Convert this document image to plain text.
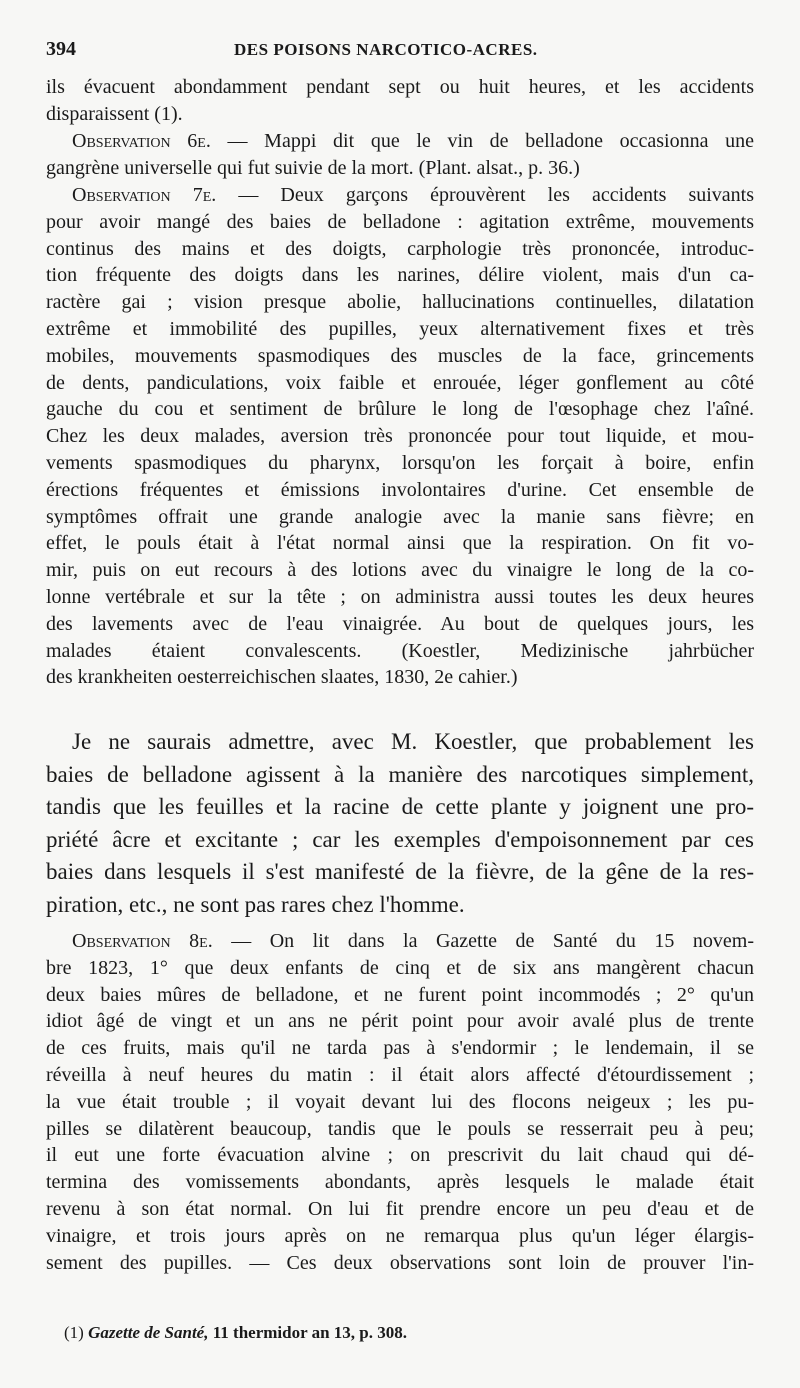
394	DES POISONS NARCOTICO-ACRES.
ils évacuent abondamment pendant sept ou huit heures, et les accidents
disparaissent (1).
Observation 6e. — Mappi dit que le vin de belladone occasionna une
gangrène universelle qui fut suivie de la mort. (Plant. alsat., p. 36.)
Observation 7e. — Deux garçons éprouvèrent les accidents suivants
pour avoir mangé des baies de belladone : agitation extrême, mouvements
continus des mains et des doigts, carphologie très prononcée, introduc-
tion fréquente des doigts dans les narines, délire violent, mais d'un ca-
ractère gai ; vision presque abolie, hallucinations continuelles, dilatation
extrême et immobilité des pupilles, yeux alternativement fixes et très
mobiles, mouvements spasmodiques des muscles de la face, grincements
de dents, pandiculations, voix faible et enrouée, léger gonflement au côté
gauche du cou et sentiment de brûlure le long de l'œsophage chez l'aîné.
Chez les deux malades, aversion très prononcée pour tout liquide, et mou-
vements spasmodiques du pharynx, lorsqu'on les forçait à boire, enfin
érections fréquentes et émissions involontaires d'urine. Cet ensemble de
symptômes offrait une grande analogie avec la manie sans fièvre; en
effet, le pouls était à l'état normal ainsi que la respiration. On fit vo-
mir, puis on eut recours à des lotions avec du vinaigre le long de la co-
lonne vertébrale et sur la tête ; on administra aussi toutes les deux heures
des lavements avec de l'eau vinaigrée. Au bout de quelques jours, les
malades étaient convalescents. (Koestler, Medizinische jahrbücher
des krankheiten oesterreichischen slaates, 1830, 2e cahier.)
Je ne saurais admettre, avec M. Koestler, que probablement les
baies de belladone agissent à la manière des narcotiques simplement,
tandis que les feuilles et la racine de cette plante y joignent une pro-
priété âcre et excitante ; car les exemples d'empoisonnement par ces
baies dans lesquels il s'est manifesté de la fièvre, de la gêne de la res-
piration, etc., ne sont pas rares chez l'homme.
Observation 8e. — On lit dans la Gazette de Santé du 15 novem-
bre 1823, 1° que deux enfants de cinq et de six ans mangèrent chacun
deux baies mûres de belladone, et ne furent point incommodés ; 2° qu'un
idiot âgé de vingt et un ans ne périt point pour avoir avalé plus de trente
de ces fruits, mais qu'il ne tarda pas à s'endormir ; le lendemain, il se
réveilla à neuf heures du matin : il était alors affecté d'étourdissement ;
la vue était trouble ; il voyait devant lui des flocons neigeux ; les pu-
pilles se dilatèrent beaucoup, tandis que le pouls se resserrait peu à peu;
il eut une forte évacuation alvine ; on prescrivit du lait chaud qui dé-
termina des vomissements abondants, après lesquels le malade était
revenu à son état normal. On lui fit prendre encore un peu d'eau et de
vinaigre, et trois jours après on ne remarqua plus qu'un léger élargis-
sement des pupilles. — Ces deux observations sont loin de prouver l'in-
(1) Gazette de Santé, 11 thermidor an 13, p. 308.
